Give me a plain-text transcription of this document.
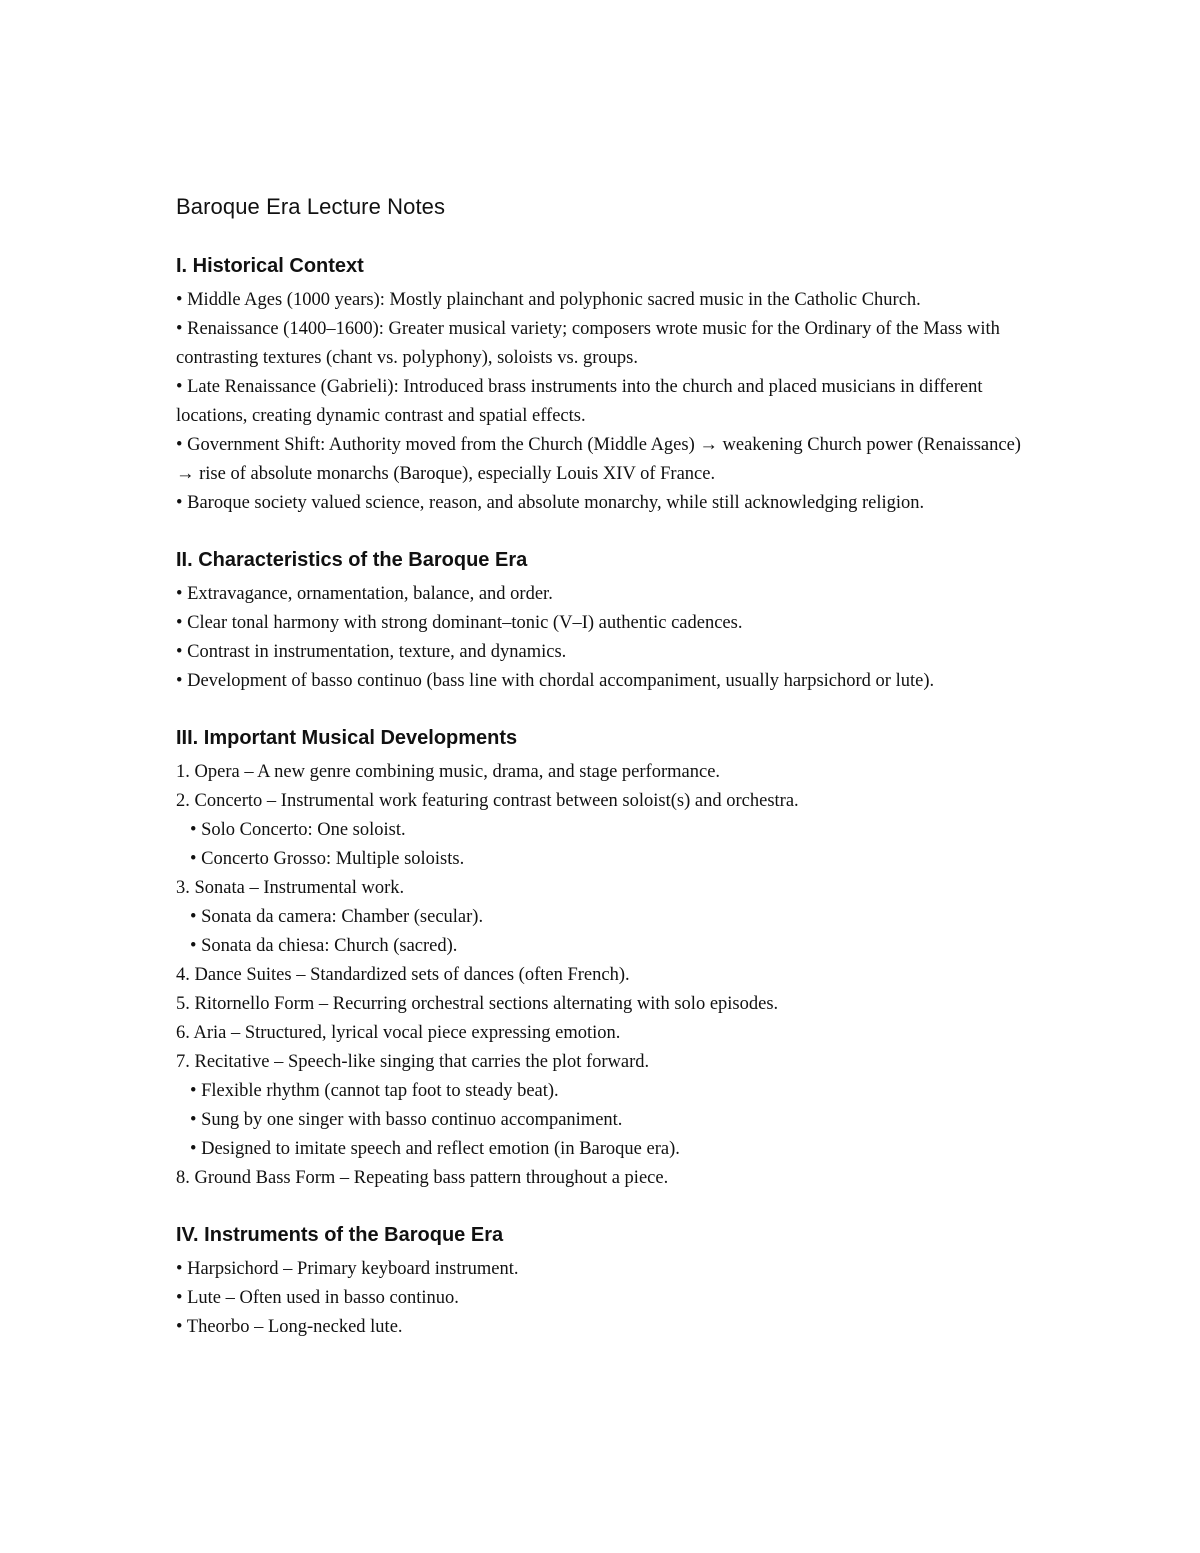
Baroque Era Lecture Notes
I. Historical Context

• Middle Ages (1000 years): Mostly plainchant and polyphonic sacred music in the Catholic Church.

• Renaissance (1400–1600): Greater musical variety; composers wrote music for the Ordinary of the Mass with contrasting textures (chant vs. polyphony), soloists vs. groups.

• Late Renaissance (Gabrieli): Introduced brass instruments into the church and placed musicians in different locations, creating dynamic contrast and spatial effects.

• Government Shift: Authority moved from the Church (Middle Ages) → weakening Church power (Renaissance) → rise of absolute monarchs (Baroque), especially Louis XIV of France.

• Baroque society valued science, reason, and absolute monarchy, while still acknowledging religion.

II. Characteristics of the Baroque Era

• Extravagance, ornamentation, balance, and order.

• Clear tonal harmony with strong dominant–tonic (V–I) authentic cadences.

• Contrast in instrumentation, texture, and dynamics.

• Development of basso continuo (bass line with chordal accompaniment, usually harpsichord or lute).

III. Important Musical Developments

1. Opera – A new genre combining music, drama, and stage performance.

2. Concerto – Instrumental work featuring contrast between soloist(s) and orchestra.

• Solo Concerto: One soloist.

• Concerto Grosso: Multiple soloists.

3. Sonata – Instrumental work.

• Sonata da camera: Chamber (secular).

• Sonata da chiesa: Church (sacred).

4. Dance Suites – Standardized sets of dances (often French).

5. Ritornello Form – Recurring orchestral sections alternating with solo episodes.

6. Aria – Structured, lyrical vocal piece expressing emotion.

7. Recitative – Speech-like singing that carries the plot forward.

• Flexible rhythm (cannot tap foot to steady beat).

• Sung by one singer with basso continuo accompaniment.

• Designed to imitate speech and reflect emotion (in Baroque era).

8. Ground Bass Form – Repeating bass pattern throughout a piece.

IV. Instruments of the Baroque Era

• Harpsichord – Primary keyboard instrument.

• Lute – Often used in basso continuo.

• Theorbo – Long-necked lute.
